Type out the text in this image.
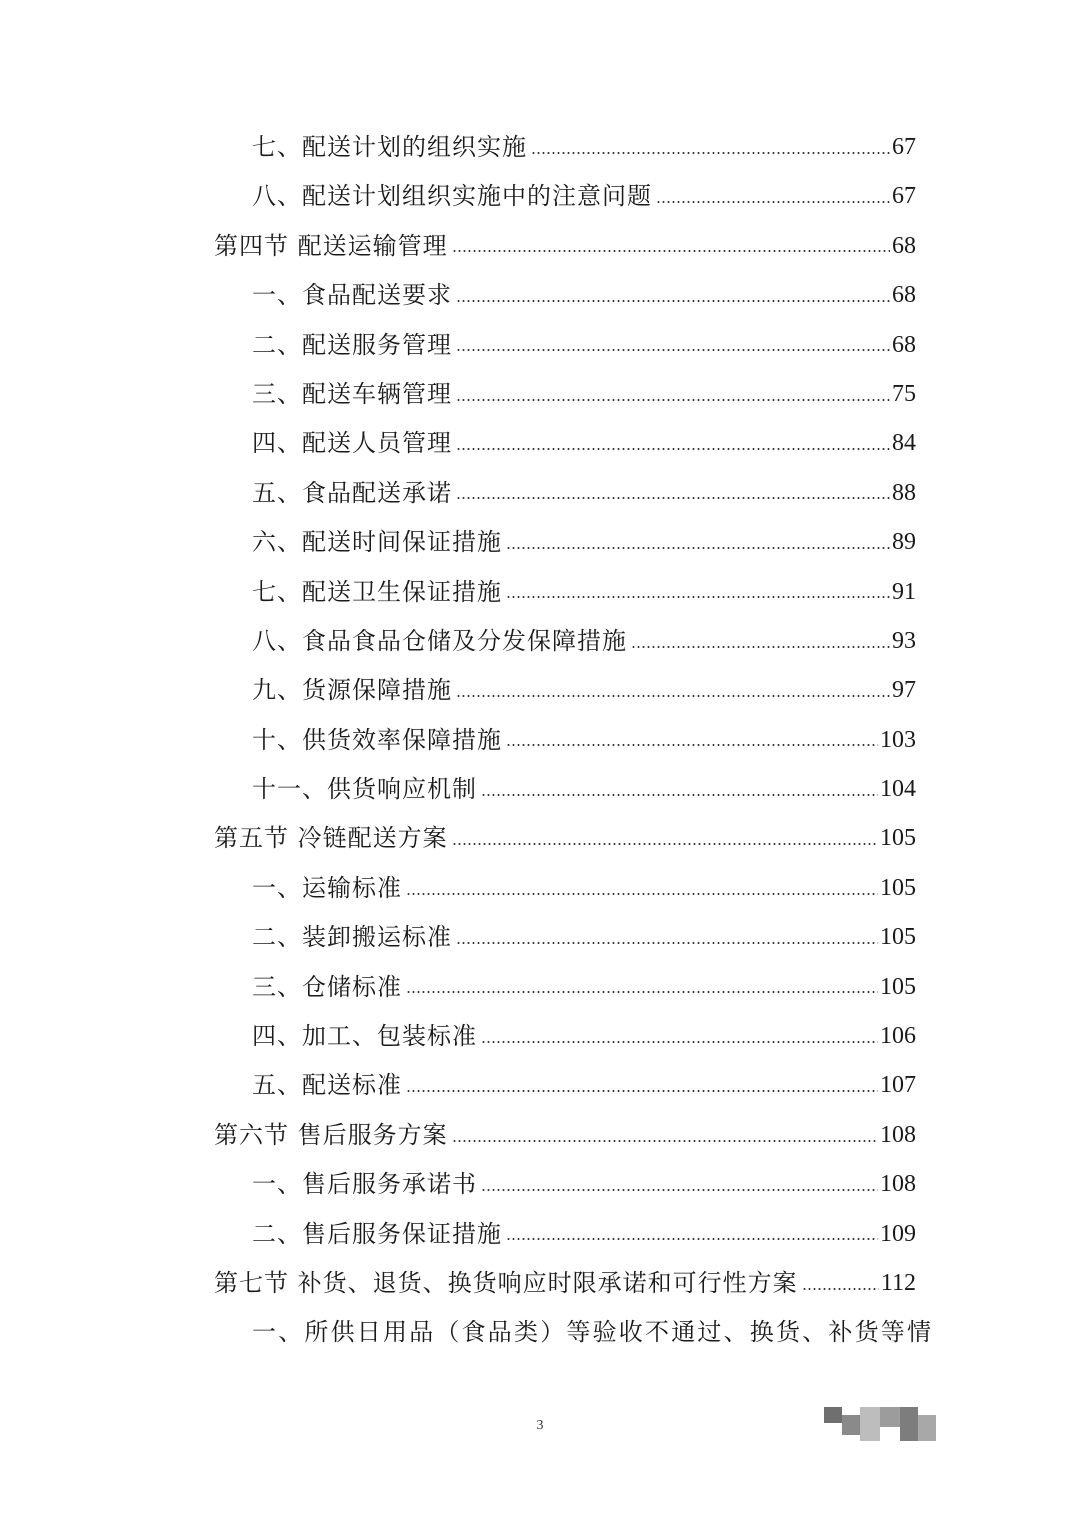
七、配送计划的组织实施	67
八、配送计划组织实施中的注意问题	67
第四节 配送运输管理	68
一、食品配送要求	68
二、配送服务管理	68
三、配送车辆管理	75
四、配送人员管理	84
五、食品配送承诺	88
六、配送时间保证措施	89
七、配送卫生保证措施	91
八、食品食品仓储及分发保障措施	93
九、货源保障措施	97
十、供货效率保障措施	103
十一、供货响应机制	104
第五节 冷链配送方案	105
一、运输标准	105
二、装卸搬运标准	105
三、仓储标准	105
四、加工、包装标准	106
五、配送标准	107
第六节 售后服务方案	108
一、售后服务承诺书	108
二、售后服务保证措施	109
第七节 补货、退货、换货响应时限承诺和可行性方案	112
一、所供日用品（食品类）等验收不通过、换货、补货等情
3
